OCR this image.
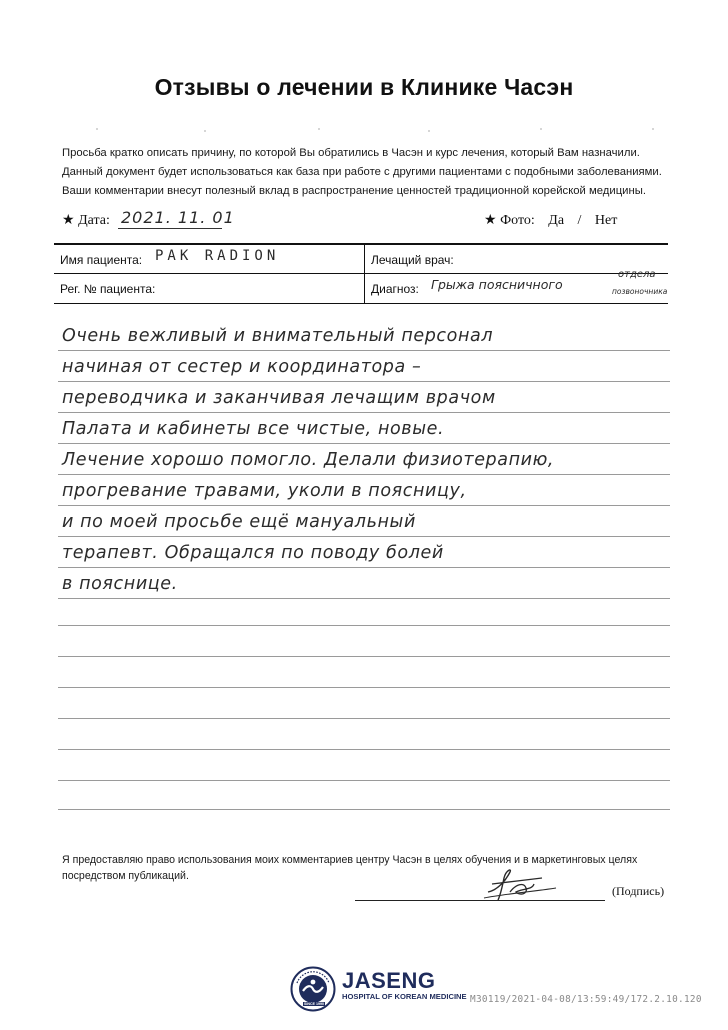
Отзывы о лечении в Клинике Часэн
Просьба кратко описать причину, по которой Вы обратились в Часэн и курс лечения, который Вам назначили.
Данный документ будет использоваться как база при работе с другими пациентами с подобными заболеваниями.
Ваши комментарии внесут полезный вклад в распространение ценностей традиционной корейской медицины.
★ Дата: 2021. 11. 01	★ Фото: Да / Нет
Имя пациента: PAK RADION	Лечащий врач:
Рег. № пациента:	Диагноз: Грыжа поясничного
отдела
позвоночника
Очень вежливый и внимательный персонал
начиная от сестер и координатора –
переводчика и заканчивая лечащим врачом
Палата и кабинеты все чистые, новые.
Лечение хорошо помогло. Делали физиотерапию,
прогревание травами, уколи в поясницу,
и по моей просьбе ещё мануальный
терапевт. Обращался по поводу болей
в пояснице.
Я предоставляю право использования моих комментариев центру Часэн в целях обучения и в маркетинговых целях посредством публикаций.
(Подпись)
SINCE 1990
JASENG
HOSPITAL OF KOREAN MEDICINE M30119/2021-04-08/13:59:49/172.2.10.120
